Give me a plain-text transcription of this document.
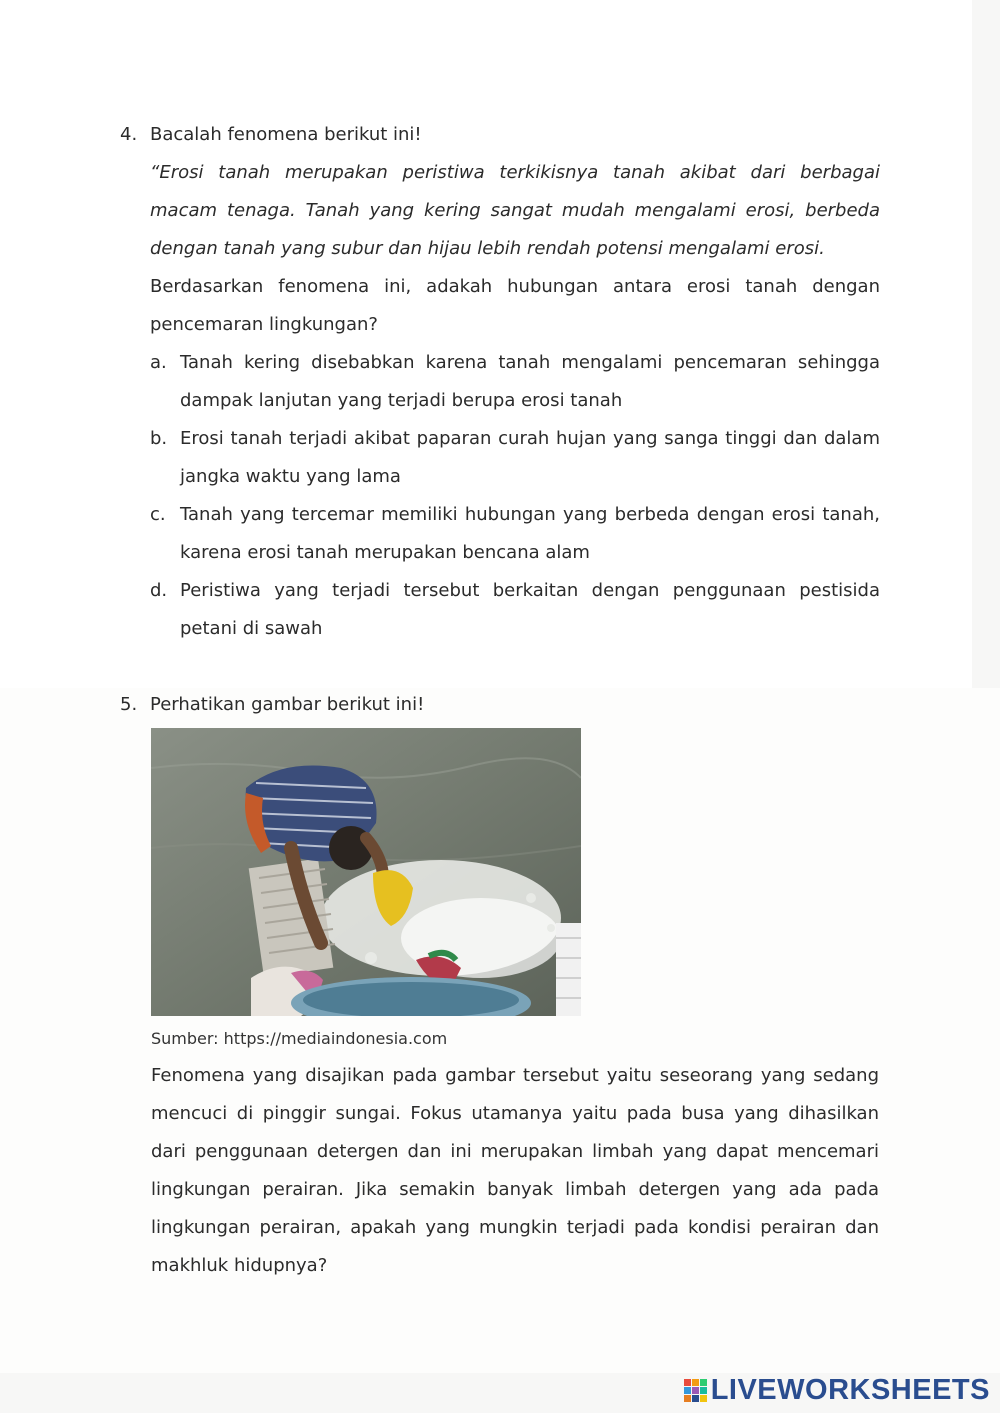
4. Bacalah fenomena berikut ini!
“Erosi tanah merupakan peristiwa terkikisnya tanah akibat dari berbagai
macam tenaga. Tanah yang kering sangat mudah mengalami erosi, berbeda
dengan tanah yang subur dan hijau lebih rendah potensi mengalami erosi.
Berdasarkan fenomena ini, adakah hubungan antara erosi tanah dengan
pencemaran lingkungan?
a. Tanah kering disebabkan karena tanah mengalami pencemaran sehingga
dampak lanjutan yang terjadi berupa erosi tanah
b. Erosi tanah terjadi akibat paparan curah hujan yang sanga tinggi dan dalam
jangka waktu yang lama
c. Tanah yang tercemar memiliki hubungan yang berbeda dengan erosi tanah,
karena erosi tanah merupakan bencana alam
d. Peristiwa yang terjadi tersebut berkaitan dengan penggunaan pestisida
petani di sawah
5. Perhatikan gambar berikut ini!
Sumber: https://mediaindonesia.com
Fenomena yang disajikan pada gambar tersebut yaitu seseorang yang sedang
mencuci di pinggir sungai. Fokus utamanya yaitu pada busa yang dihasilkan
dari penggunaan detergen dan ini merupakan limbah yang dapat mencemari
lingkungan perairan. Jika semakin banyak limbah detergen yang ada pada
lingkungan perairan, apakah yang mungkin terjadi pada kondisi perairan dan
makhluk hidupnya?
LIVEWORKSHEETS
